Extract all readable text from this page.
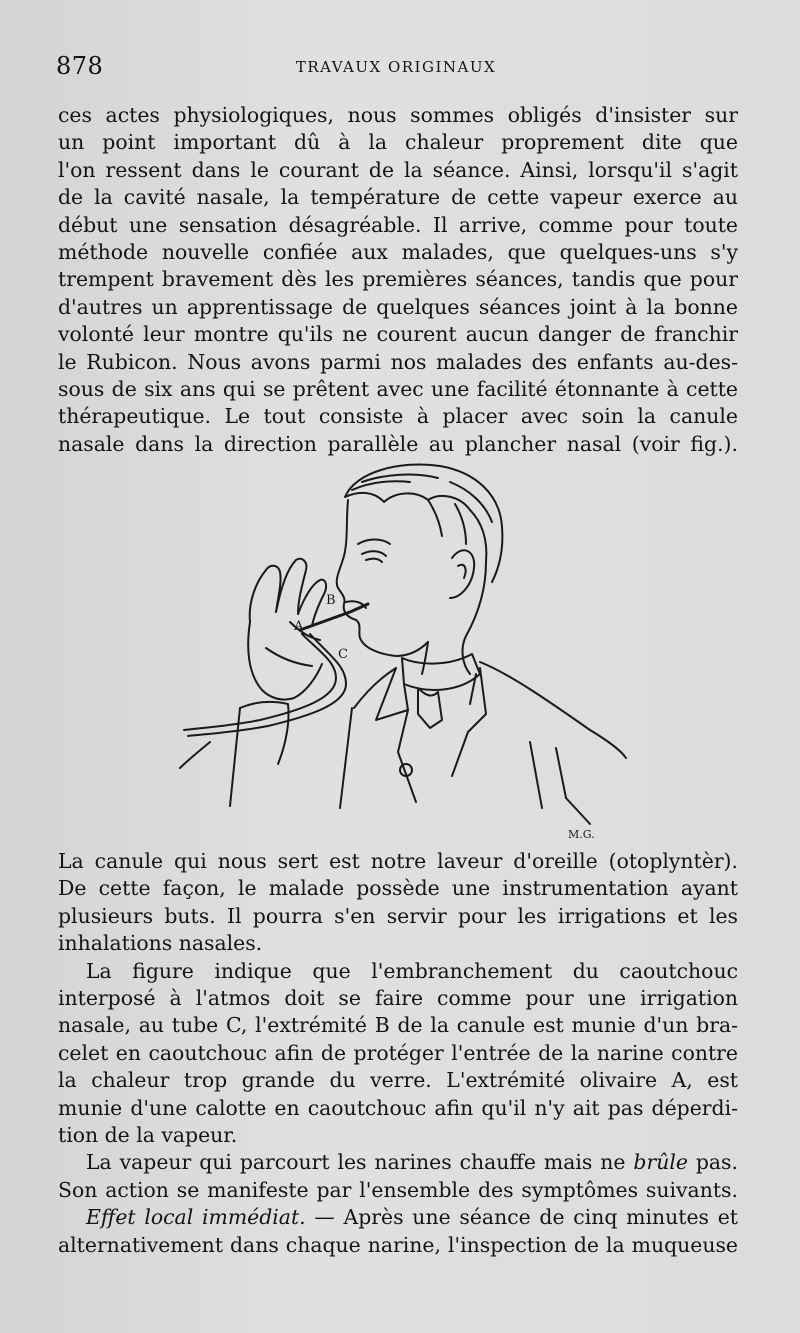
878	TRAVAUX ORIGINAUX
ces actes physiologiques, nous sommes obligés d'insister sur
un point important dû à la chaleur proprement dite que
l'on ressent dans le courant de la séance. Ainsi, lorsqu'il s'agit
de la cavité nasale, la température de cette vapeur exerce au
début une sensation désagréable. Il arrive, comme pour toute
méthode nouvelle confiée aux malades, que quelques-uns s'y
trempent bravement dès les premières séances, tandis que pour
d'autres un apprentissage de quelques séances joint à la bonne
volonté leur montre qu'ils ne courent aucun danger de franchir
le Rubicon. Nous avons parmi nos malades des enfants au-des-
sous de six ans qui se prêtent avec une facilité étonnante à cette
thérapeutique. Le tout consiste à placer avec soin la canule
nasale dans la direction parallèle au plancher nasal (voir fig.).
B
C
A
M.G.
La canule qui nous sert est notre laveur d'oreille (otoplyntèr).
De cette façon, le malade possède une instrumentation ayant
plusieurs buts. Il pourra s'en servir pour les irrigations et les
inhalations nasales.
La figure indique que l'embranchement du caoutchouc
interposé à l'atmos doit se faire comme pour une irrigation
nasale, au tube C, l'extrémité B de la canule est munie d'un bra-
celet en caoutchouc afin de protéger l'entrée de la narine contre
la chaleur trop grande du verre. L'extrémité olivaire A, est
munie d'une calotte en caoutchouc afin qu'il n'y ait pas déperdi-
tion de la vapeur.
La vapeur qui parcourt les narines chauffe mais ne brûle pas.
Son action se manifeste par l'ensemble des symptômes suivants.
Effet local immédiat. — Après une séance de cinq minutes et
alternativement dans chaque narine, l'inspection de la muqueuse
